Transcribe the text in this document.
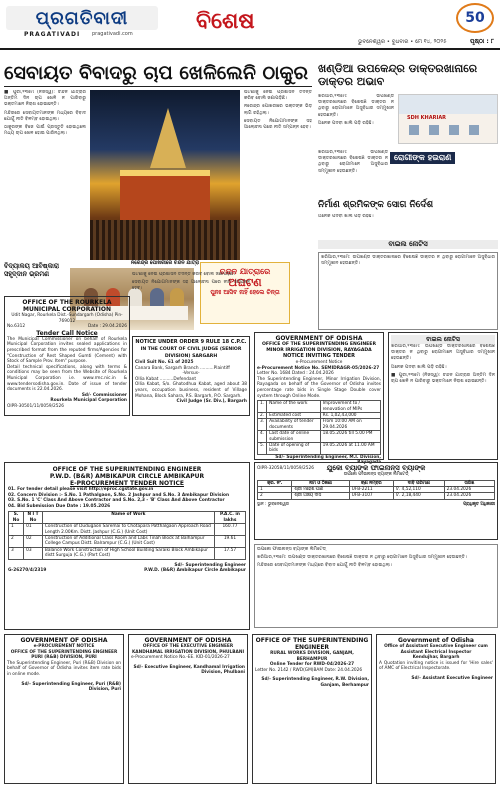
ପ୍ରଗତିବାଦୀ
PRAGATIVADI pragativadi.com	ବିଶେଷ	50
ଭୁବନେଶ୍ୱର • ବୁଧବାର • ମେ ୧୪, ୨୦୨୫	ପୃଷ୍ଠା : ୮
ସେବାୟତ ବିବାଦରୁ ଚାପ ଖେଳିଲେନି ଠାକୁର

■ ପୁରୀ,୧୩ମେ (ନିଜସ୍ୱ): ଚନ୍ଦନ ଯାତ୍ରାର ଅନ୍ତିମ ଦିନ ଚାପ ଖେଳି ନ ପାରିବାରୁ ଭକ୍ତମାନେ ନିରାଶ ହୋଇଛନ୍ତି।

ମନ୍ଦିରରେ ସେବାୟତମାନଙ୍କ ମଧ୍ୟରେ ବିବାଦ ଯୋଗୁଁ ନୀତି ବିଳମ୍ବ ହୋଇଥିଲା।

ଠାକୁରଙ୍କ ବିଜେ ପାଇଁ ପ୍ରସ୍ତୁତି ହୋଇଥିଲେ ମଧ୍ୟ ଚାପ ଖେଳ ହୋଇ ପାରିନଥିଲା।

ନରେନ୍ଦ୍ର ପୋଖରୀରେ ଚନ୍ଦନ ଯାତ୍ରା

ଘଟଣାକୁ ନେଇ ପ୍ରଶାସନ ତଦନ୍ତ କରିବ ବୋଲି ଜଣାପଡ଼ିଛି।

ନରେନ୍ଦ୍ର ପୋଖରୀରେ ଭକ୍ତଙ୍କ ଭିଡ଼ ଲାଗି ରହିଥିଲା।

ସେବାୟତ ନିଯୋଗମାନଙ୍କ ସହ ଆଲୋଚନା ପରେ ନୀତି ସମ୍ପନ୍ନ ହେବ।

ଚନ୍ଦନ ଯାତ୍ରାରେ
ଅଘଟଣ
ପୁନଃ ଆସିବ ନାହିଁ ହେଲେ ଚିନ୍ତା
ଖଣ୍ଡିଆ ଉପକେନ୍ଦ୍ର ଡାକ୍ତରଖାନାରେ ଡାକ୍ତର ଅଭାବ

ଖରିଆର,୧୩ମେ: ଉପଖଣ୍ଡ ଡାକ୍ତରଖାନାରେ ବିଶେଷଜ୍ଞ ଡାକ୍ତର ନ ଥିବାରୁ ରୋଗୀମାନେ ଅସୁବିଧାର ସମ୍ମୁଖୀନ ହେଉଛନ୍ତି।

ଅନେକ ପଦବୀ ଖାଲି ପଡ଼ି ରହିଛି।

SDH KHARIAR
ରୋଗୀଙ୍କ ହଇରାଣ

ଖରିଆର,୧୩ମେ: ଉପଖଣ୍ଡ ଡାକ୍ତରଖାନାରେ ବିଶେଷଜ୍ଞ ଡାକ୍ତର ନ ଥିବାରୁ ରୋଗୀମାନେ ଅସୁବିଧାର ସମ୍ମୁଖୀନ ହେଉଛନ୍ତି।

ନିର୍ମାଣ ଶ୍ରମିକଙ୍କ ସୋଗ ନିର୍ଦେଶ

ଅନେକ ପଦବୀ ଖାଲି ପଡ଼ି ରହିଛି।

ବାଇଲ ନୋଟିସ

ଖରିଆର,୧୩ମେ: ଉପଖଣ୍ଡ ଡାକ୍ତରଖାନାରେ ବିଶେଷଜ୍ଞ ଡାକ୍ତର ନ ଥିବାରୁ ରୋଗୀମାନେ ଅସୁବିଧାର ସମ୍ମୁଖୀନ ହେଉଛନ୍ତି।

ବିଦ୍ୟାଳୟ ଆବିଷ୍କାରା ସହୃଦ୍‌ଦାନ ଭ୍ରମଣ
OFFICE OF THE ROURKELA MUNICIPAL CORPORATION
Udit Nagar, Rourkela Dist.-Sundargarh (Odisha) Pin-769012
No.6312	Date : 29.04.2026
Tender Call Notice
The Municipal Commissioner on behalf of Rourkela Municipal Corporation invites sealed applications in prescribed format from the reputed firms/Agencies for "Construction of Rest Shaped Gumti (Cement) with Stock of Sample Prov. Item" purpose.
Detail technical specifications, along with terms & conditions may be seen from the Website of Rourkela Municipal Corporation i.e. www.rmc.nic.in & www.tendersodisha.gov.in. Date of issue of tender documents is 22.04.2026.
Sd/- Commissioner
Rourkela Municipal Corporation
OIPR-30501/11/0059/2526
NOTICE UNDER ORDER 9 RULE 18 C.P.C.
IN THE COURT OF CIVIL JUDGE (SENIOR DIVISION) SARGARH
Civil Suit No. 61 of 2025
Canara Bank, Sargarh Branch ..........Plaintiff
-Versus-
Ollia Kabat ..........Defendant
Ollia Kabat, S/o. Ghatodhua Kabat, aged about 38 years, occupation business, resident of Village Mohana, Block Sahara, P.S. Bargarh, P.O. Sargarh.
Civil Judge (Sr. Div.), Bargarh

ଘଟଣାକୁ ନେଇ ପ୍ରଶାସନ ତଦନ୍ତ କରିବ ବୋଲି ଜଣାପଡ଼ିଛି।

ସେବାୟତ ନିଯୋଗମାନଙ୍କ ସହ ଆଲୋଚନା ପରେ ନୀତି ସମ୍ପନ୍ନ ହେବ।

GOVERNMENT OF ODISHA
OFFICE OF THE SUPERINTENDING ENGINEER MINOR IRRIGATION DIVISION, RAYAGADA
NOTICE INVITING TENDER
e-Procurement Notice
e-Procurement Notice No. SEMIDRAGR-05/2026-27
Letter No. 1684 Dated : 24.04.2026
The Superintending Engineer, Minor Irrigation Division, Rayagada on behalf of the Governor of Odisha invites percentage rate bids in Single Stage Double cover system through Online Mode.
1.	Name of the work	Improvement to / renovation of MIPs
2.	Estimated cost	Rs. 1,02,43,000
3.	Availability of tender documents	From 10:00 AM on 29.04.2026
4.	Last date of online submission	18.05.2026 till 5.00 PM
5.	Date of opening of bids	19.05.2026 at 11.00 AM
Sd/- Superintending Engineer, M.I. Division, Rayagada
OIPR-32058/11/0059/2526	ଯୁକୋ ବ୍ୟାଙ୍କ ଫାଇନାନ୍ସ ବ୍ୟାଙ୍କ
ଉପକୋ ଫାଇନାନ୍ସ ବ୍ୟାଙ୍କ ଲିମିଟେଡ୍
କ୍ର. ନଂ.	ନାମ ଓ ଠିକଣା	ଋଣ ନମ୍ବର	ଦାବି ପରିମାଣ	ତାରିଖ
1	ଶ୍ରୀ ମହେଶ ପାଣି	UFB-2211	ଟ. 4,52,110	23.04.2026
2	ଶ୍ରୀ ଅଜୟ ଦାସ	UFB-3107	ଟ. 2,18,440	23.04.2026
ସ୍ଥାନ : ଭୁବନେଶ୍ୱର	ପ୍ରାଧିକୃତ ଅଧିକାରୀ
ବାଇଲ ନୋଟିସ

ଖରିଆର,୧୩ମେ: ଉପଖଣ୍ଡ ଡାକ୍ତରଖାନାରେ ବିଶେଷଜ୍ଞ ଡାକ୍ତର ନ ଥିବାରୁ ରୋଗୀମାନେ ଅସୁବିଧାର ସମ୍ମୁଖୀନ ହେଉଛନ୍ତି।

ଅନେକ ପଦବୀ ଖାଲି ପଡ଼ି ରହିଛି।

■ ପୁରୀ,୧୩ମେ (ନିଜସ୍ୱ): ଚନ୍ଦନ ଯାତ୍ରାର ଅନ୍ତିମ ଦିନ ଚାପ ଖେଳି ନ ପାରିବାରୁ ଭକ୍ତମାନେ ନିରାଶ ହୋଇଛନ୍ତି।

OFFICE OF THE SUPERINTENDING ENGINEER
P.W.D. (B&R) AMBIKAPUR CIRCLE AMBIKAPUR
E-PROCUREMENT TENDER NOTICE
01. For tender detail please visit http://eproc.cgstate.gov.in
02. Concern Division :- S.No. 1 Pathalgaon, S.No. 2 Jashpur and S.No. 3 Ambikapur Division
03. S.No. 1 'C' Class And Above Contractor and S.No. 2,3 - 'B' Class And Above Contractor
04. Bid Submission Due Date : 19.05.2026
S. No	N I T No	Name of Work	P.A.C. in lakhs
1	01	Construction of Dudugaon Saremai to Chotapara Patthalgaon Approach Road Length 2.00Km. Distt. Jashpur (C.G.) (Unit Cost)	160.77
2	02	Construction of Additional Class Room and Labs Tinah Block at Balhampur College Campus Distt. Balrampur (C.G.) (Unit Cost)	19.61
3	03	Balance Work Construction of High School Building Saraiki Block Ambikapur distt Surguja (C.G.) (Part Cost)	17.57
Sd/- Superintending Engineer
G-26270/4/2319	P.W.D. (B&R) Ambikapur Circle Ambikapur

ଉପକୋ ଫାଇନାନ୍ସ ବ୍ୟାଙ୍କ ଲିମିଟେଡ୍

ଖରିଆର,୧୩ମେ: ଉପଖଣ୍ଡ ଡାକ୍ତରଖାନାରେ ବିଶେଷଜ୍ଞ ଡାକ୍ତର ନ ଥିବାରୁ ରୋଗୀମାନେ ଅସୁବିଧାର ସମ୍ମୁଖୀନ ହେଉଛନ୍ତି।

ମନ୍ଦିରରେ ସେବାୟତମାନଙ୍କ ମଧ୍ୟରେ ବିବାଦ ଯୋଗୁଁ ନୀତି ବିଳମ୍ବ ହୋଇଥିଲା।

GOVERNMENT OF ODISHA
e-PROCUREMENT NOTICE
OFFICE OF THE SUPERINTENDING ENGINEER PURI (R&B) DIVISION, PURI
The Superintending Engineer, Puri (R&B) Division on behalf of Governor of Odisha invites item rate bids in online mode.
Sd/- Superintending Engineer, Puri (R&B) Division, Puri
GOVERNMENT OF ODISHA
OFFICE OF THE EXECUTIVE ENGINEER
KANDHAMAL IRRIGATION DIVISION, PHULBANI
e-Procurement Notice No.-EE. KID-01/2026-27
Sd/- Executive Engineer, Kandhamal Irrigation Division, Phulbani
OFFICE OF THE SUPERINTENDING ENGINEER
RURAL WORKS DIVISION, GANJAM, BERHAMPUR
Online Tender for RWD-04/2026-27
Letter No. 2142 / RWD(GM)BAM Date: 24.04.2026
Sd/- Superintending Engineer, R.W. Division, Ganjam, Berhampur
Government of Odisha
Office of Assistant Executive Engineer cum Assistant Electrical Inspector
Kendujhar, Bargarh
A Quotation inviting notice is issued for 'Hire sales' of AMC of Electrical Inspectorate.
Sd/- Assistant Executive Engineer
